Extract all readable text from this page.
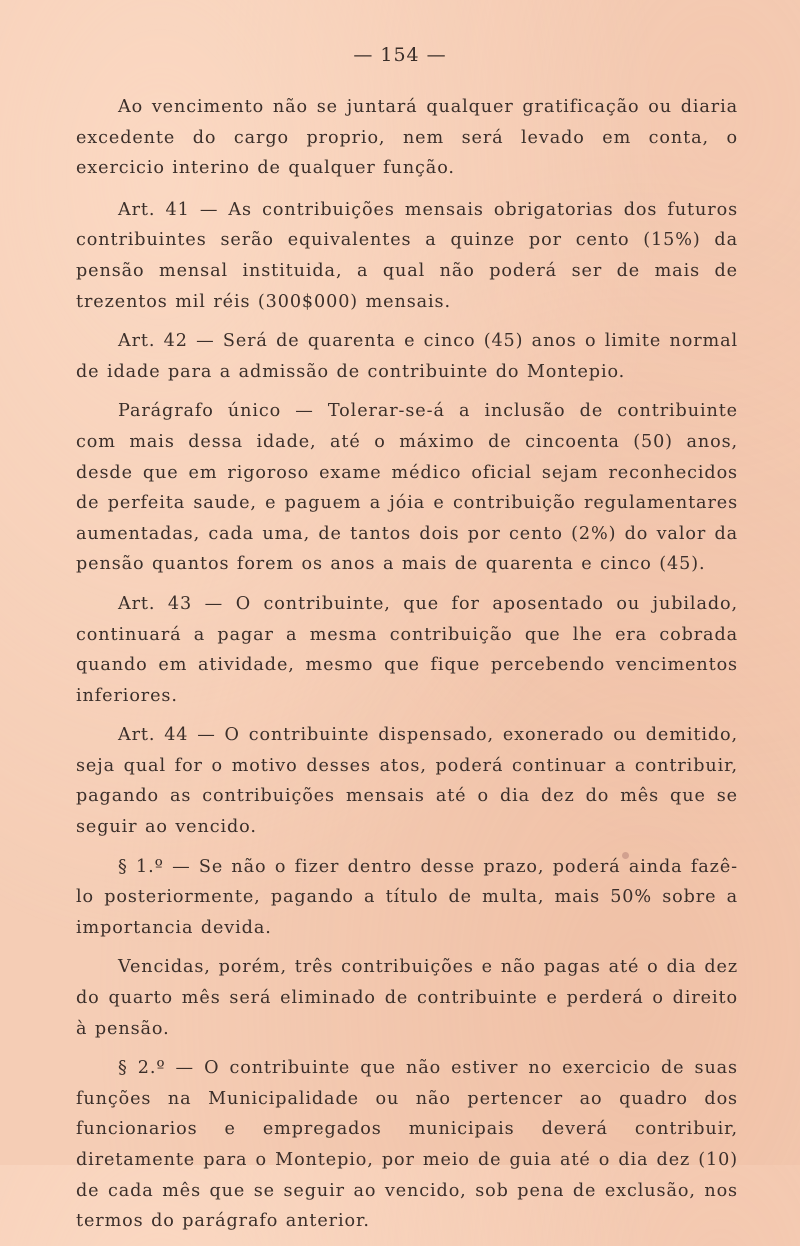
— 154 —

Ao vencimento não se juntará qualquer gratificação ou diaria excedente do cargo proprio, nem será levado em conta, o exercicio interino de qualquer função.

Art. 41 — As contribuições mensais obrigatorias dos futuros contribuintes serão equivalentes a quinze por cento (15%) da pensão mensal instituida, a qual não poderá ser de mais de trezentos mil réis (300$000) mensais.

Art. 42 — Será de quarenta e cinco (45) anos o limite normal de idade para a admissão de contribuinte do Montepio.

Parágrafo único — Tolerar-se-á a inclusão de contribuinte com mais dessa idade, até o máximo de cincoenta (50) anos, desde que em rigoroso exame médico oficial sejam reconhecidos de perfeita saude, e paguem a jóia e contribuição regulamentares aumentadas, cada uma, de tantos dois por cento (2%) do valor da pensão quantos forem os anos a mais de quarenta e cinco (45).

Art. 43 — O contribuinte, que for aposentado ou jubilado, continuará a pagar a mesma contribuição que lhe era cobrada quando em atividade, mesmo que fique percebendo vencimentos inferiores.

Art. 44 — O contribuinte dispensado, exonerado ou demitido, seja qual for o motivo desses atos, poderá continuar a contribuir, pagando as contribuições mensais até o dia dez do mês que se seguir ao vencido.

§ 1.º — Se não o fizer dentro desse prazo, poderá ainda fazê-lo posteriormente, pagando a título de multa, mais 50% sobre a importancia devida.

Vencidas, porém, três contribuições e não pagas até o dia dez do quarto mês será eliminado de contribuinte e perderá o direito à pensão.

§ 2.º — O contribuinte que não estiver no exercicio de suas funções na Municipalidade ou não pertencer ao quadro dos funcionarios e empregados municipais deverá contribuir, diretamente para o Montepio, por meio de guia até o dia dez (10) de cada mês que se seguir ao vencido, sob pena de exclusão, nos termos do parágrafo anterior.
